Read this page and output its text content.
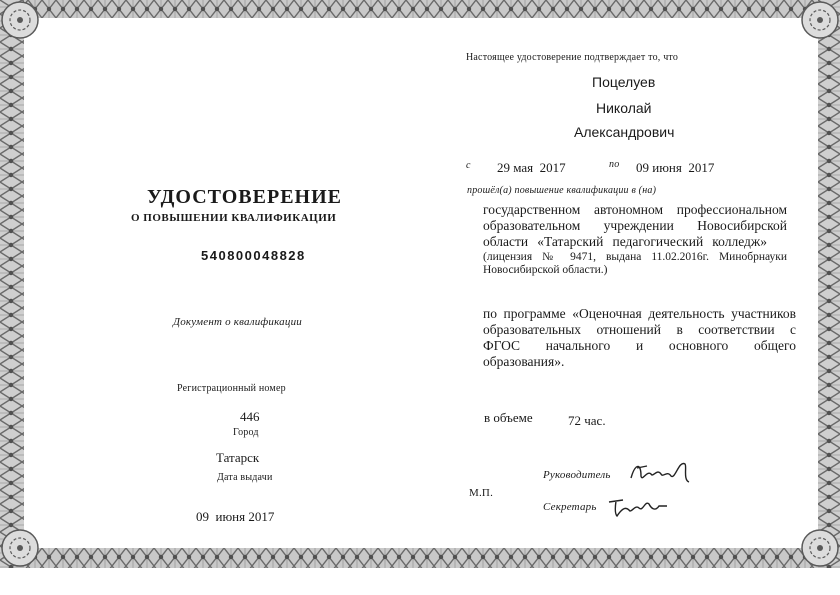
УДОСТОВЕРЕНИЕ
О ПОВЫШЕНИИ КВАЛИФИКАЦИИ
540800048828
Документ о квалификации
Регистрационный номер
446
Город
Татарск
Дата выдачи
09  июня 2017
Настоящее удостоверение подтверждает то, что
Поцелуев
Николай
Александрович
с 29 мая  2017	по 09 июня  2017
прошёл(а) повышение квалификации в (на)
государственном автономном профессиональном
образовательном учреждении Новосибирской
области «Татарский педагогический колледж»
(лицензия № 9471, выдана 11.02.2016г. Минобрнауки
Новосибирской области.)
по программе «Оценочная деятельность участников
образовательных отношений в соответствии с
ФГОС начального и основного общего
образования».
в объеме	72 час.
М.П.
Руководитель
Секретарь
